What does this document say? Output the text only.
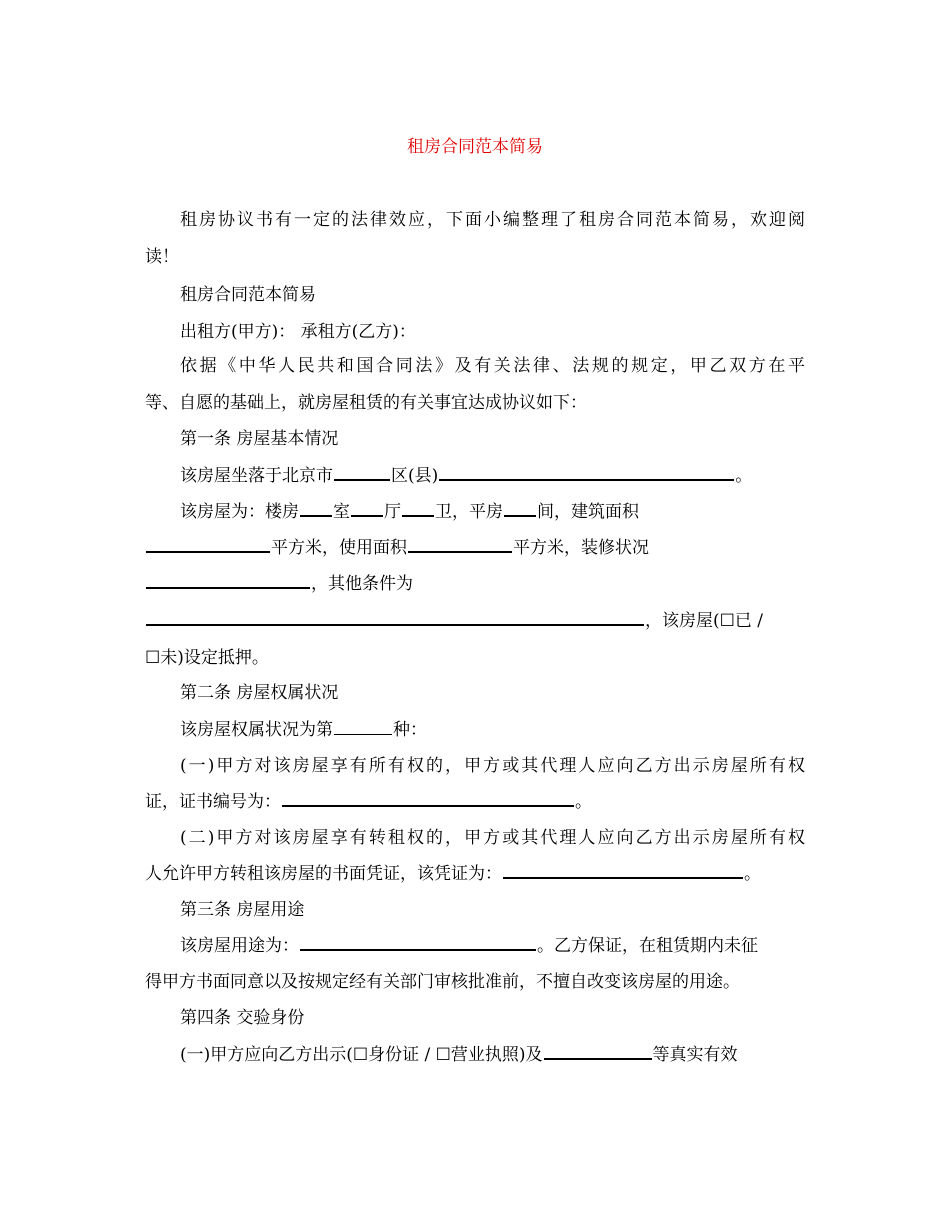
租房合同范本简易
租房协议书有一定的法律效应，下面小编整理了租房合同范本简易，欢迎阅
读！
租房合同范本简易
出租方(甲方)： 承租方(乙方)：
依据《中华人民共和国合同法》及有关法律、法规的规定，甲乙双方在平
等、自愿的基础上，就房屋租赁的有关事宜达成协议如下：
第一条 房屋基本情况
该房屋坐落于北京市	区(县)	。
该房屋为：楼房 室 厅 卫，平房 间，建筑面积
平方米，使用面积	平方米，装修状况
，其他条件为
，该房屋(☐已 /
☐未)设定抵押。
第二条 房屋权属状况
该房屋权属状况为第	种：
(一)甲方对该房屋享有所有权的，甲方或其代理人应向乙方出示房屋所有权
证，证书编号为：	。
(二)甲方对该房屋享有转租权的，甲方或其代理人应向乙方出示房屋所有权
人允许甲方转租该房屋的书面凭证，该凭证为：	。
第三条 房屋用途
该房屋用途为：	。乙方保证，在租赁期内未征
得甲方书面同意以及按规定经有关部门审核批准前，不擅自改变该房屋的用途。
第四条 交验身份
(一)甲方应向乙方出示(☐身份证 / ☐营业执照)及	等真实有效
